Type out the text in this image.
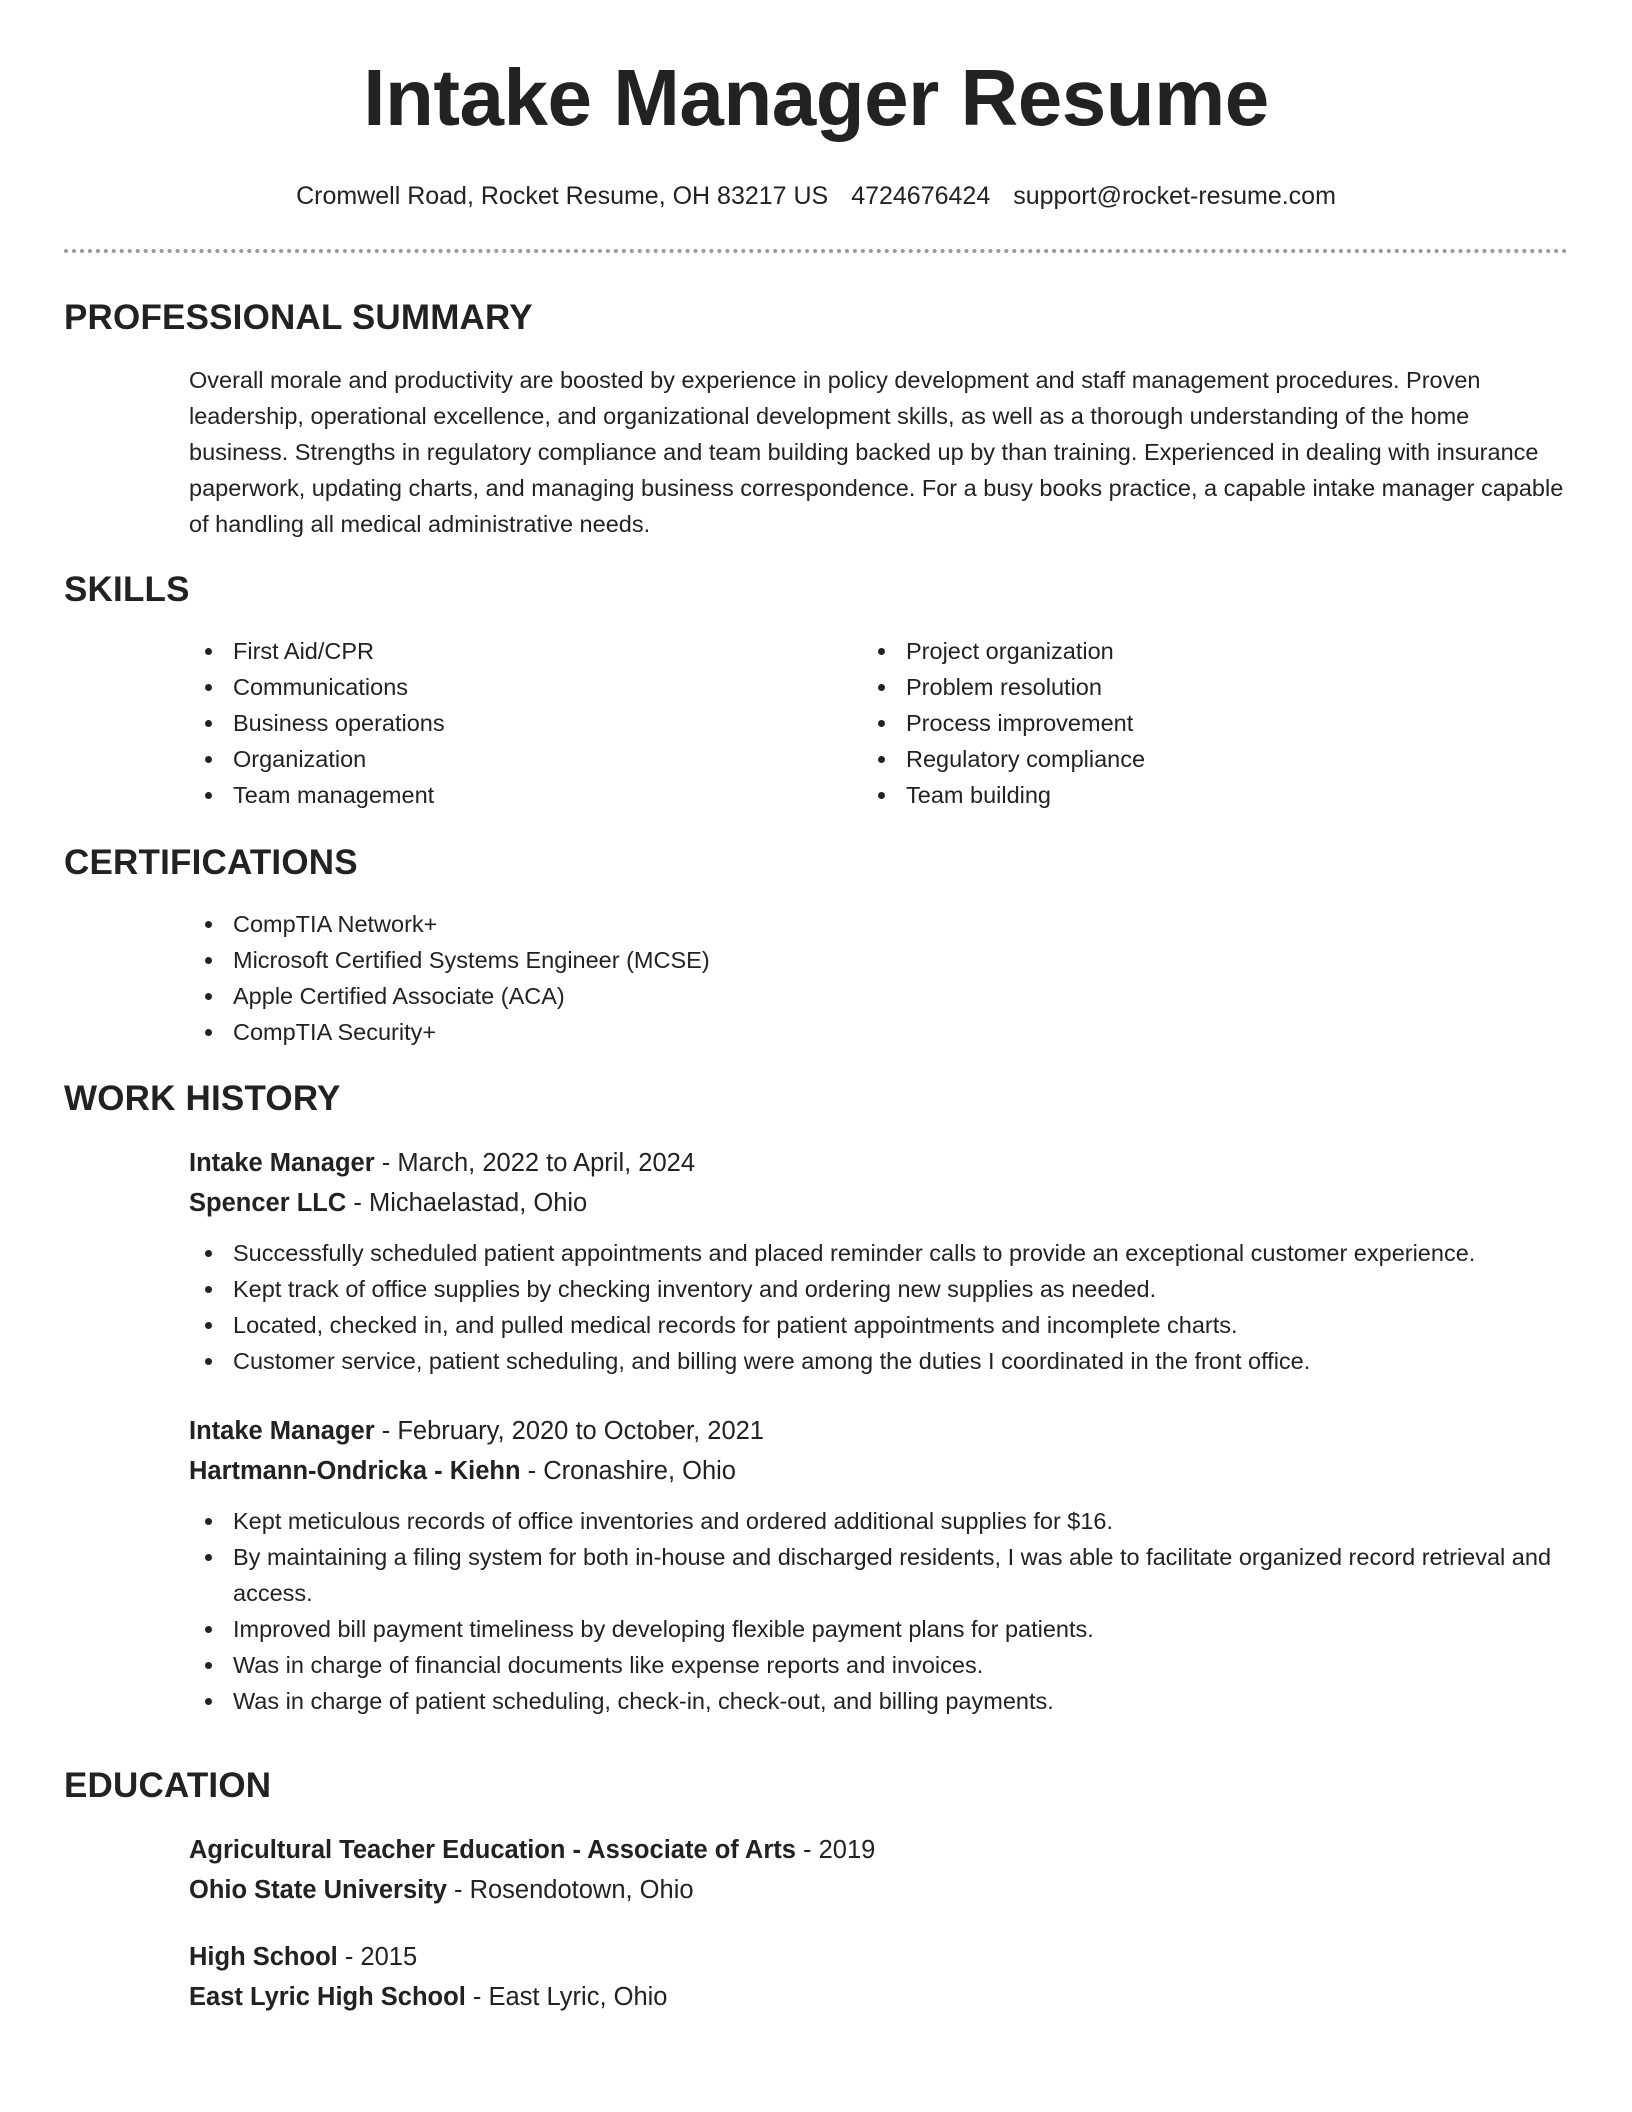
Intake Manager Resume
Cromwell Road, Rocket Resume, OH 83217 US 4724676424 support@rocket-resume.com
PROFESSIONAL SUMMARY

Overall morale and productivity are boosted by experience in policy development and staff management procedures. Proven leadership, operational excellence, and organizational development skills, as well as a thorough understanding of the home business. Strengths in regulatory compliance and team building backed up by than training. Experienced in dealing with insurance paperwork, updating charts, and managing business correspondence. For a busy books practice, a capable intake manager capable of handling all medical administrative needs.

SKILLS
First Aid/CPR
Communications
Business operations
Organization
Team management
Project organization
Problem resolution
Process improvement
Regulatory compliance
Team building
CERTIFICATIONS
CompTIA Network+
Microsoft Certified Systems Engineer (MCSE)
Apple Certified Associate (ACA)
CompTIA Security+
WORK HISTORY
Intake Manager - March, 2022 to April, 2024
Spencer LLC - Michaelastad, Ohio
Successfully scheduled patient appointments and placed reminder calls to provide an exceptional customer experience.
Kept track of office supplies by checking inventory and ordering new supplies as needed.
Located, checked in, and pulled medical records for patient appointments and incomplete charts.
Customer service, patient scheduling, and billing were among the duties I coordinated in the front office.
Intake Manager - February, 2020 to October, 2021
Hartmann-Ondricka - Kiehn - Cronashire, Ohio
Kept meticulous records of office inventories and ordered additional supplies for $16.
By maintaining a filing system for both in-house and discharged residents, I was able to facilitate organized record retrieval and access.
Improved bill payment timeliness by developing flexible payment plans for patients.
Was in charge of financial documents like expense reports and invoices.
Was in charge of patient scheduling, check-in, check-out, and billing payments.
EDUCATION
Agricultural Teacher Education - Associate of Arts - 2019
Ohio State University - Rosendotown, Ohio
High School - 2015
East Lyric High School - East Lyric, Ohio
